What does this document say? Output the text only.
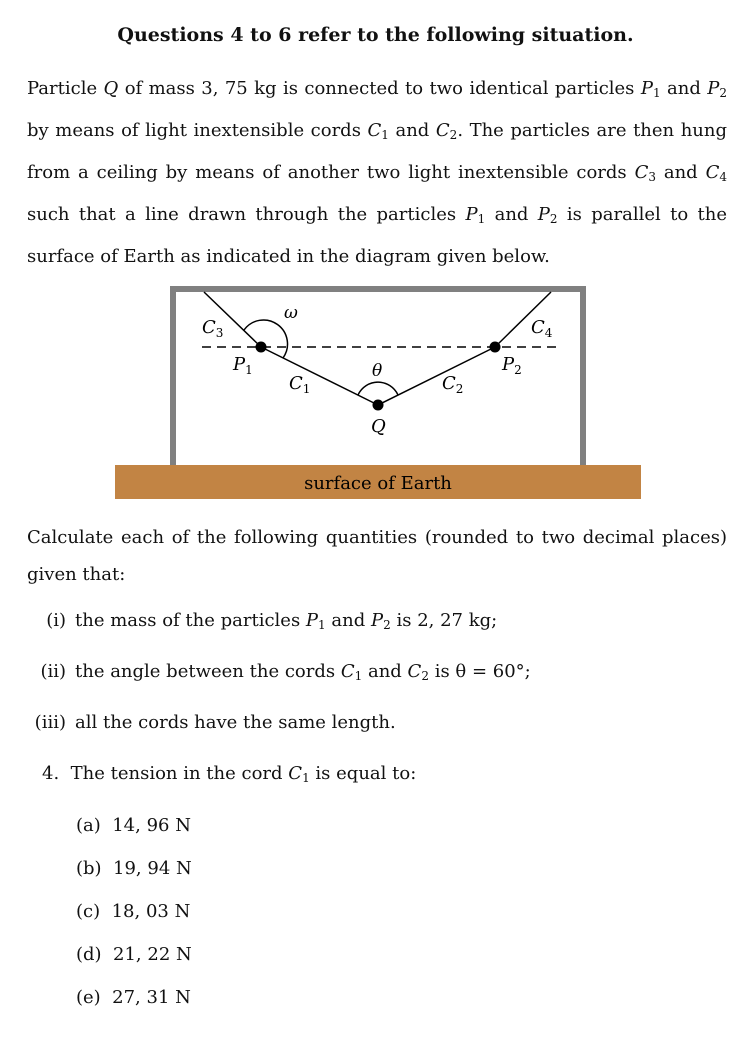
Questions 4 to 6 refer to the following situation.
Particle Q of mass 3, 75 kg is connected to two identical particles $P_1$ and $P_2$ by means of light inextensible cords $C_1$ and $C_2$. The particles are then hung from a ceiling by means of another two light inextensible cords $C_3$ and $C_4$ such that a line drawn through the particles $P_1$ and $P_2$ is parallel to the surface of Earth as indicated in the diagram given below.
surface of Earth
$C_3$	$C_4$
$P_1$	$P_2$
$C_1$	$C_2$
Q
ω
θ
Calculate each of the following quantities (rounded to two decimal places) given that:
(i) the mass of the particles $P_1$ and $P_2$ is 2, 27 kg;
(ii) the angle between the cords $C_1$ and $C_2$ is θ = 60°;
(iii) all the cords have the same length.
4. The tension in the cord $C_1$ is equal to:
(a) 14, 96 N
(b) 19, 94 N
(c) 18, 03 N
(d) 21, 22 N
(e) 27, 31 N
